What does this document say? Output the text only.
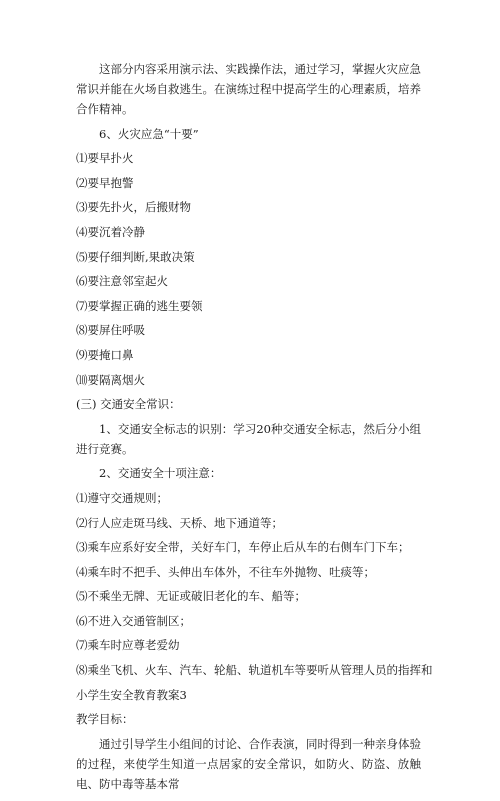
这部分内容采用演示法、实践操作法，通过学习，掌握火灾应急常识并能在火场自救逃生。在演练过程中提高学生的心理素质，培养合作精神。
6、火灾应急“十要”
⑴要早扑火
⑵要早抱警
⑶要先扑火，后搬财物
⑷要沉着冷静
⑸要仔细判断,果敢决策
⑹要注意邻室起火
⑺要掌握正确的逃生要领
⑻要屏住呼吸
⑼要掩口鼻
⑽要隔离烟火
(三) 交通安全常识：
1、交通安全标志的识别：学习20种交通安全标志，然后分小组进行竞赛。
2、交通安全十项注意：
⑴遵守交通规则；
⑵行人应走斑马线、天桥、地下通道等；
⑶乘车应系好安全带，关好车门，车停止后从车的右侧车门下车；
⑷乘车时不把手、头伸出车体外，不往车外抛物、吐痰等；
⑸不乘坐无牌、无证或破旧老化的车、船等；
⑹不进入交通管制区；
⑺乘车时应尊老爱幼
⑻乘坐飞机、火车、汽车、轮船、轨道机车等要听从管理人员的指挥和
小学生安全教育教案3
教学目标：
通过引导学生小组间的讨论、合作表演，同时得到一种亲身体验的过程，来使学生知道一点居家的安全常识，如防火、防盗、放触电、防中毒等基本常
